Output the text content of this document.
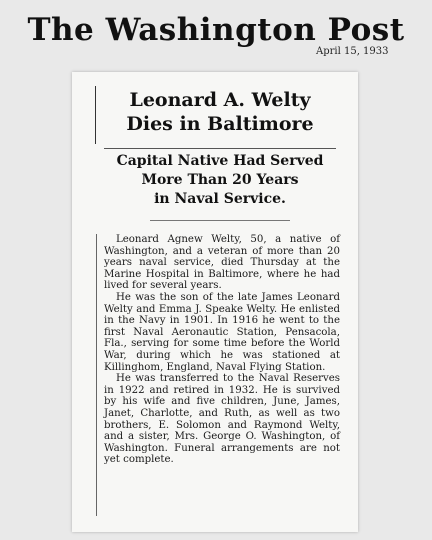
The Washington Post
April 15, 1933
Leonard A. Welty
Dies in Baltimore
Capital Native Had Served
More Than 20 Years
in Naval Service.

Leonard Agnew Welty, 50, a native of Washington, and a veteran of more than 20 years naval service, died Thursday at the Marine Hospital in Baltimore, where he had lived for several years.

He was the son of the late James Leonard Welty and Emma J. Speake Welty. He enlisted in the Navy in 1901. In 1916 he went to the first Naval Aeronautic Station, Pensacola, Fla., serving for some time before the World War, during which he was stationed at Killinghom, England, Naval Flying Station.

He was transferred to the Naval Reserves in 1922 and retired in 1932. He is survived by his wife and five children, June, James, Janet, Charlotte, and Ruth, as well as two brothers, E. Solomon and Raymond Welty, and a sister, Mrs. George O. Washington, of Washington. Funeral arrangements are not yet complete.
